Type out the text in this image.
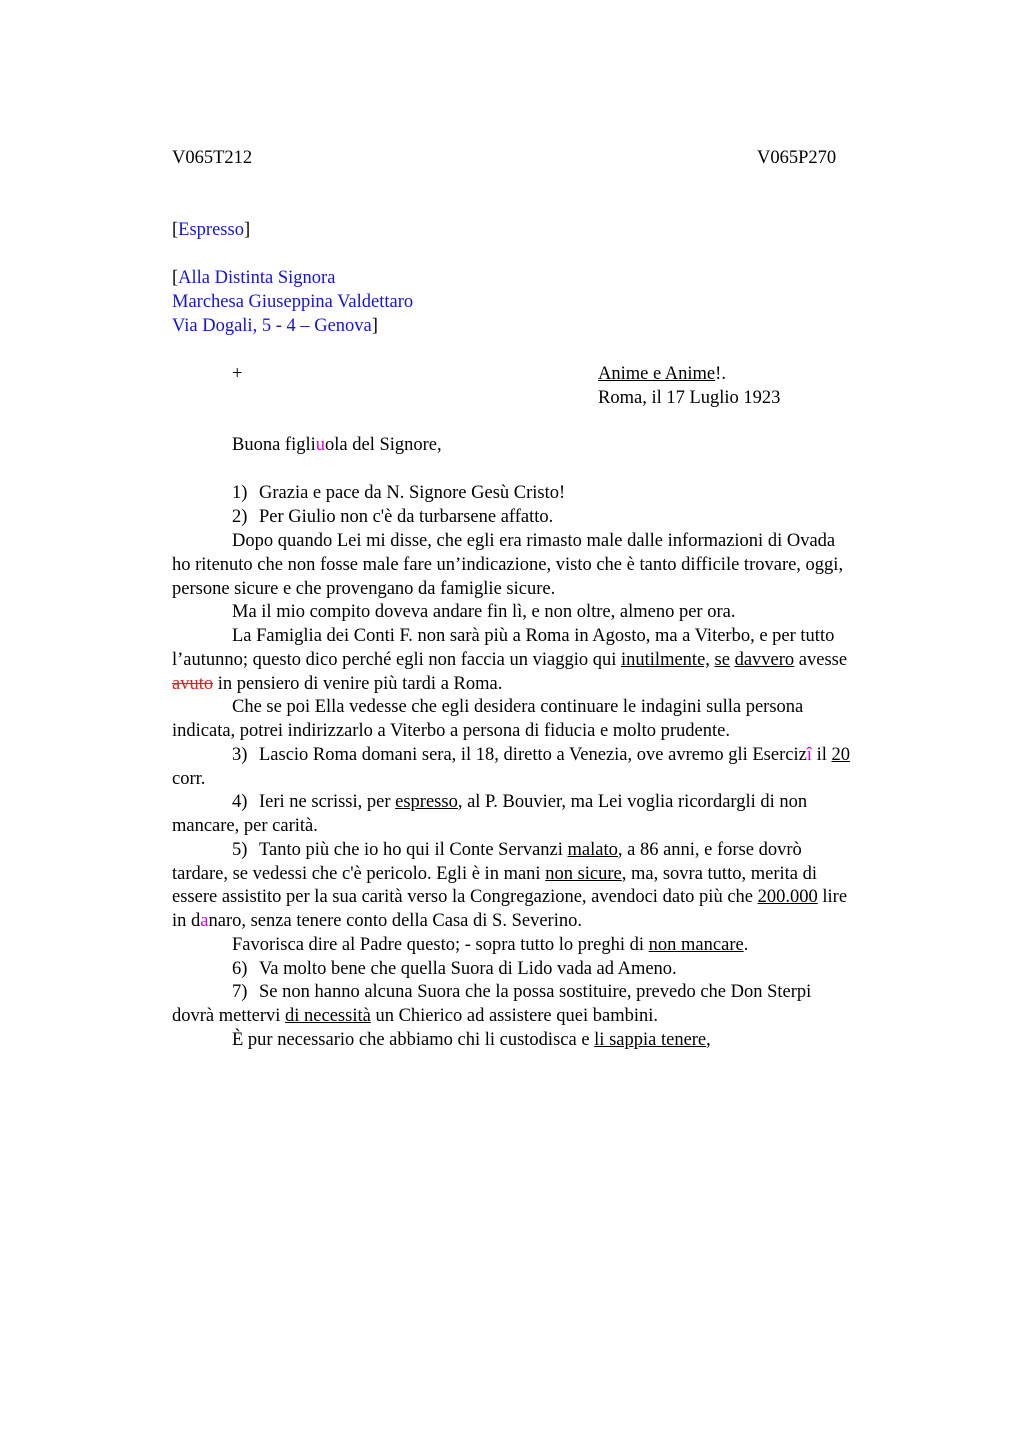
V065T212	V065P270
[Espresso]
[Alla Distinta Signora
Marchesa Giuseppina Valdettaro
Via Dogali, 5 - 4 – Genova]
+	Anime e Anime!.
Roma, il 17 Luglio 1923
Buona figliuola del Signore,
1) Grazia e pace da N. Signore Gesù Cristo!
2) Per Giulio non c'è da turbarsene affatto.
Dopo quando Lei mi disse, che egli era rimasto male dalle informazioni di Ovada
ho ritenuto che non fosse male fare un’indicazione, visto che è tanto difficile trovare, oggi,
persone sicure e che provengano da famiglie sicure.
Ma il mio compito doveva andare fin lì, e non oltre, almeno per ora.
La Famiglia dei Conti F. non sarà più a Roma in Agosto, ma a Viterbo, e per tutto
l’autunno; questo dico perché egli non faccia un viaggio qui inutilmente, se davvero avesse
avuto in pensiero di venire più tardi a Roma.
Che se poi Ella vedesse che egli desidera continuare le indagini sulla persona
indicata, potrei indirizzarlo a Viterbo a persona di fiducia e molto prudente.
3) Lascio Roma domani sera, il 18, diretto a Venezia, ove avremo gli Esercizî il 20
corr.
4) Ieri ne scrissi, per espresso, al P. Bouvier, ma Lei voglia ricordargli di non
mancare, per carità.
5) Tanto più che io ho qui il Conte Servanzi malato, a 86 anni, e forse dovrò
tardare, se vedessi che c'è pericolo. Egli è in mani non sicure, ma, sovra tutto, merita di
essere assistito per la sua carità verso la Congregazione, avendoci dato più che 200.000 lire
in danaro, senza tenere conto della Casa di S. Severino.
Favorisca dire al Padre questo; - sopra tutto lo preghi di non mancare.
6) Va molto bene che quella Suora di Lido vada ad Ameno.
7) Se non hanno alcuna Suora che la possa sostituire, prevedo che Don Sterpi
dovrà mettervi di necessità un Chierico ad assistere quei bambini.
È pur necessario che abbiamo chi li custodisca e li sappia tenere,
